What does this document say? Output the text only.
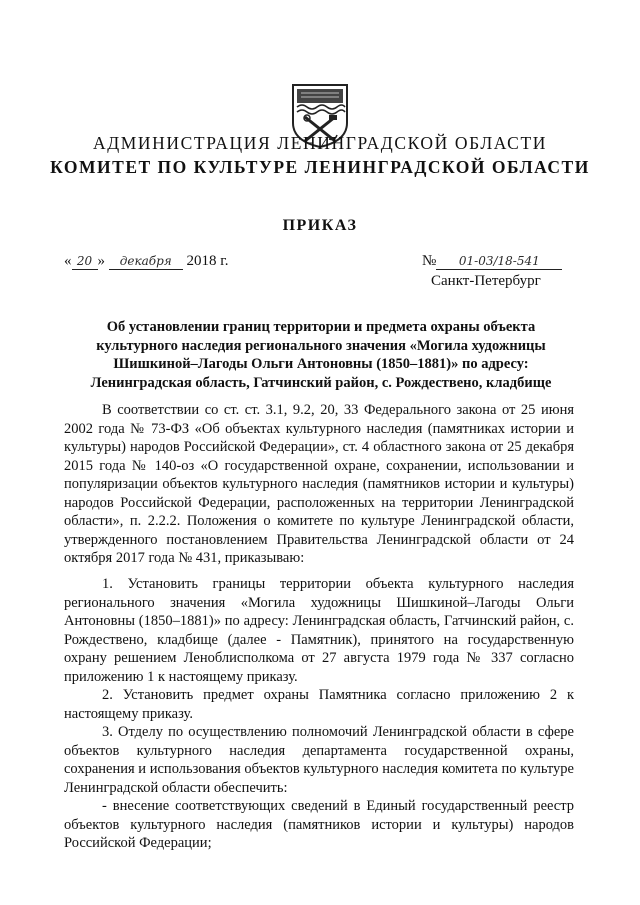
АДМИНИСТРАЦИЯ ЛЕНИНГРАДСКОЙ ОБЛАСТИ
КОМИТЕТ ПО КУЛЬТУРЕ ЛЕНИНГРАДСКОЙ ОБЛАСТИ
ПРИКАЗ
« 20 » декабря 2018 г.	№ 01-03/18-541
Санкт-Петербург
Об установлении границ территории и предмета охраны объекта культурного наследия регионального значения «Могила художницы Шишкиной–Лагоды Ольги Антоновны (1850–1881)» по адресу: Ленинградская область, Гатчинский район, с. Рождествено, кладбище

В соответствии со ст. ст. 3.1, 9.2, 20, 33 Федерального закона от 25 июня 2002 года № 73-ФЗ «Об объектах культурного наследия (памятниках истории и культуры) народов Российской Федерации», ст. 4 областного закона от 25 декабря 2015 года № 140-оз «О государственной охране, сохранении, использовании и популяризации объектов культурного наследия (памятников истории и культуры) народов Российской Федерации, расположенных на территории Ленинградской области», п. 2.2.2. Положения о комитете по культуре Ленинградской области, утвержденного постановлением Правительства Ленинградской области от 24 октября 2017 года № 431, приказываю:

1. Установить границы территории объекта культурного наследия регионального значения «Могила художницы Шишкиной–Лагоды Ольги Антоновны (1850–1881)» по адресу: Ленинградская область, Гатчинский район, с. Рождествено, кладбище (далее - Памятник), принятого на государственную охрану решением Леноблисполкома от 27 августа 1979 года № 337 согласно приложению 1 к настоящему приказу.

2. Установить предмет охраны Памятника согласно приложению 2 к настоящему приказу.

3. Отделу по осуществлению полномочий Ленинградской области в сфере объектов культурного наследия департамента государственной охраны, сохранения и использования объектов культурного наследия комитета по культуре Ленинградской области обеспечить:

- внесение соответствующих сведений в Единый государственный реестр объектов культурного наследия (памятников истории и культуры) народов Российской Федерации;
